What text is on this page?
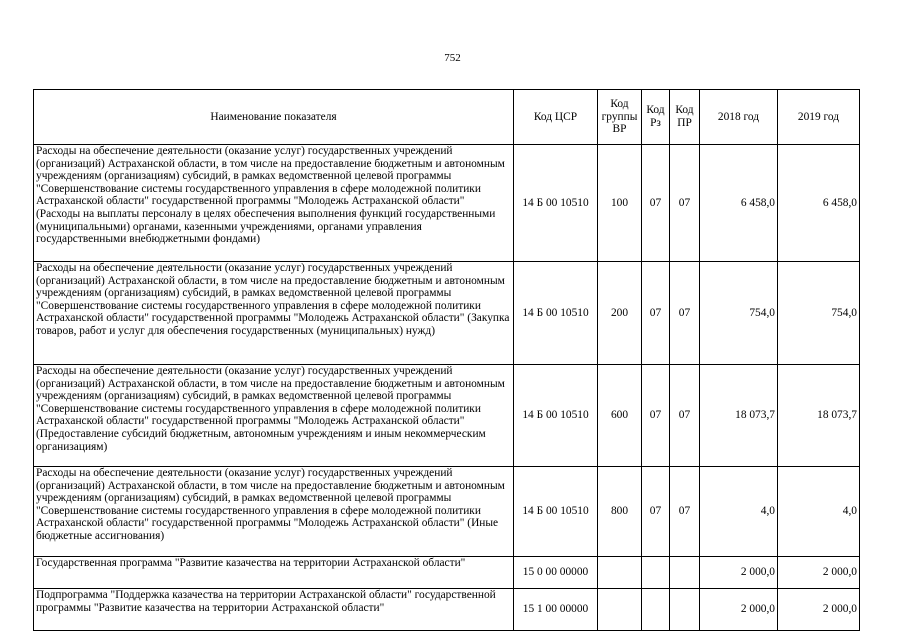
752
Наименование показателя	Код ЦСР	Код группы ВР	Код Рз	Код ПР	2018 год	2019 год
Расходы на обеспечение деятельности (оказание услуг) государственных учреждений (организаций) Астраханской области, в том числе на предоставление бюджетным и автономным учреждениям (организациям) субсидий, в рамках ведомственной целевой программы "Совершенствование системы государственного управления в сфере молодежной политики Астраханской области" государственной программы "Молодежь Астраханской области" (Расходы на выплаты персоналу в целях обеспечения выполнения функций государственными (муниципальными) органами, казенными учреждениями, органами управления государственными внебюджетными фондами)	14 Б 00 10510	100	07	07	6 458,0	6 458,0
Расходы на обеспечение деятельности (оказание услуг) государственных учреждений (организаций) Астраханской области, в том числе на предоставление бюджетным и автономным учреждениям (организациям) субсидий, в рамках ведомственной целевой программы "Совершенствование системы государственного управления в сфере молодежной политики Астраханской области" государственной программы "Молодежь Астраханской области" (Закупка товаров, работ и услуг для обеспечения государственных (муниципальных) нужд)	14 Б 00 10510	200	07	07	754,0	754,0
Расходы на обеспечение деятельности (оказание услуг) государственных учреждений (организаций) Астраханской области, в том числе на предоставление бюджетным и автономным учреждениям (организациям) субсидий, в рамках ведомственной целевой программы "Совершенствование системы государственного управления в сфере молодежной политики Астраханской области" государственной программы "Молодежь Астраханской области" (Предоставление субсидий бюджетным, автономным учреждениям и иным некоммерческим организациям)	14 Б 00 10510	600	07	07	18 073,7	18 073,7
Расходы на обеспечение деятельности (оказание услуг) государственных учреждений (организаций) Астраханской области, в том числе на предоставление бюджетным и автономным учреждениям (организациям) субсидий, в рамках ведомственной целевой программы "Совершенствование системы государственного управления в сфере молодежной политики Астраханской области" государственной программы "Молодежь Астраханской области" (Иные бюджетные ассигнования)	14 Б 00 10510	800	07	07	4,0	4,0
Государственная программа "Развитие казачества на территории Астраханской области"	15 0 00 00000				2 000,0	2 000,0
Подпрограмма "Поддержка казачества на территории Астраханской области" государственной программы "Развитие казачества на территории Астраханской области"	15 1 00 00000				2 000,0	2 000,0
